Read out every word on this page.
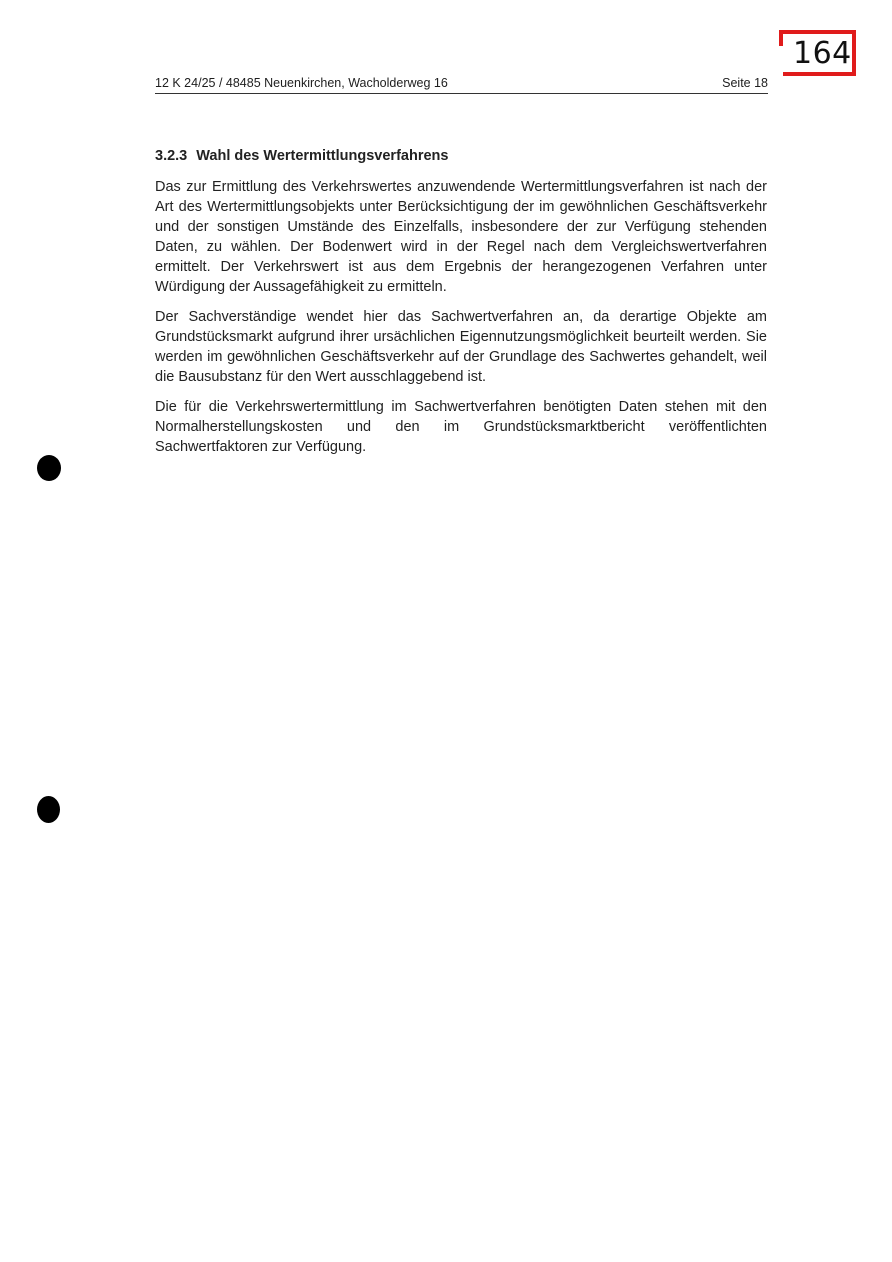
164
12 K 24/25 / 48485 Neuenkirchen, Wacholderweg 16	Seite 18
3.2.3 Wahl des Wertermittlungsverfahrens

Das zur Ermittlung des Verkehrswertes anzuwendende Wertermittlungsverfahren ist nach der Art des Wertermittlungsobjekts unter Berücksichtigung der im gewöhnlichen Geschäftsverkehr und der sonstigen Umstände des Einzelfalls, insbesondere der zur Verfügung stehenden Daten, zu wählen. Der Bodenwert wird in der Regel nach dem Vergleichswertverfahren ermittelt. Der Verkehrswert ist aus dem Ergebnis der herangezogenen Verfahren unter Würdigung der Aussagefähigkeit zu ermitteln.

Der Sachverständige wendet hier das Sachwertverfahren an, da derartige Objekte am Grundstücksmarkt aufgrund ihrer ursächlichen Eigennutzungsmöglichkeit beurteilt werden. Sie werden im gewöhnlichen Geschäftsverkehr auf der Grundlage des Sachwertes gehandelt, weil die Bausubstanz für den Wert ausschlaggebend ist.

Die für die Verkehrswertermittlung im Sachwertverfahren benötigten Daten stehen mit den Normalherstellungskosten und den im Grundstücksmarktbericht veröffentlichten Sachwertfaktoren zur Verfügung.
